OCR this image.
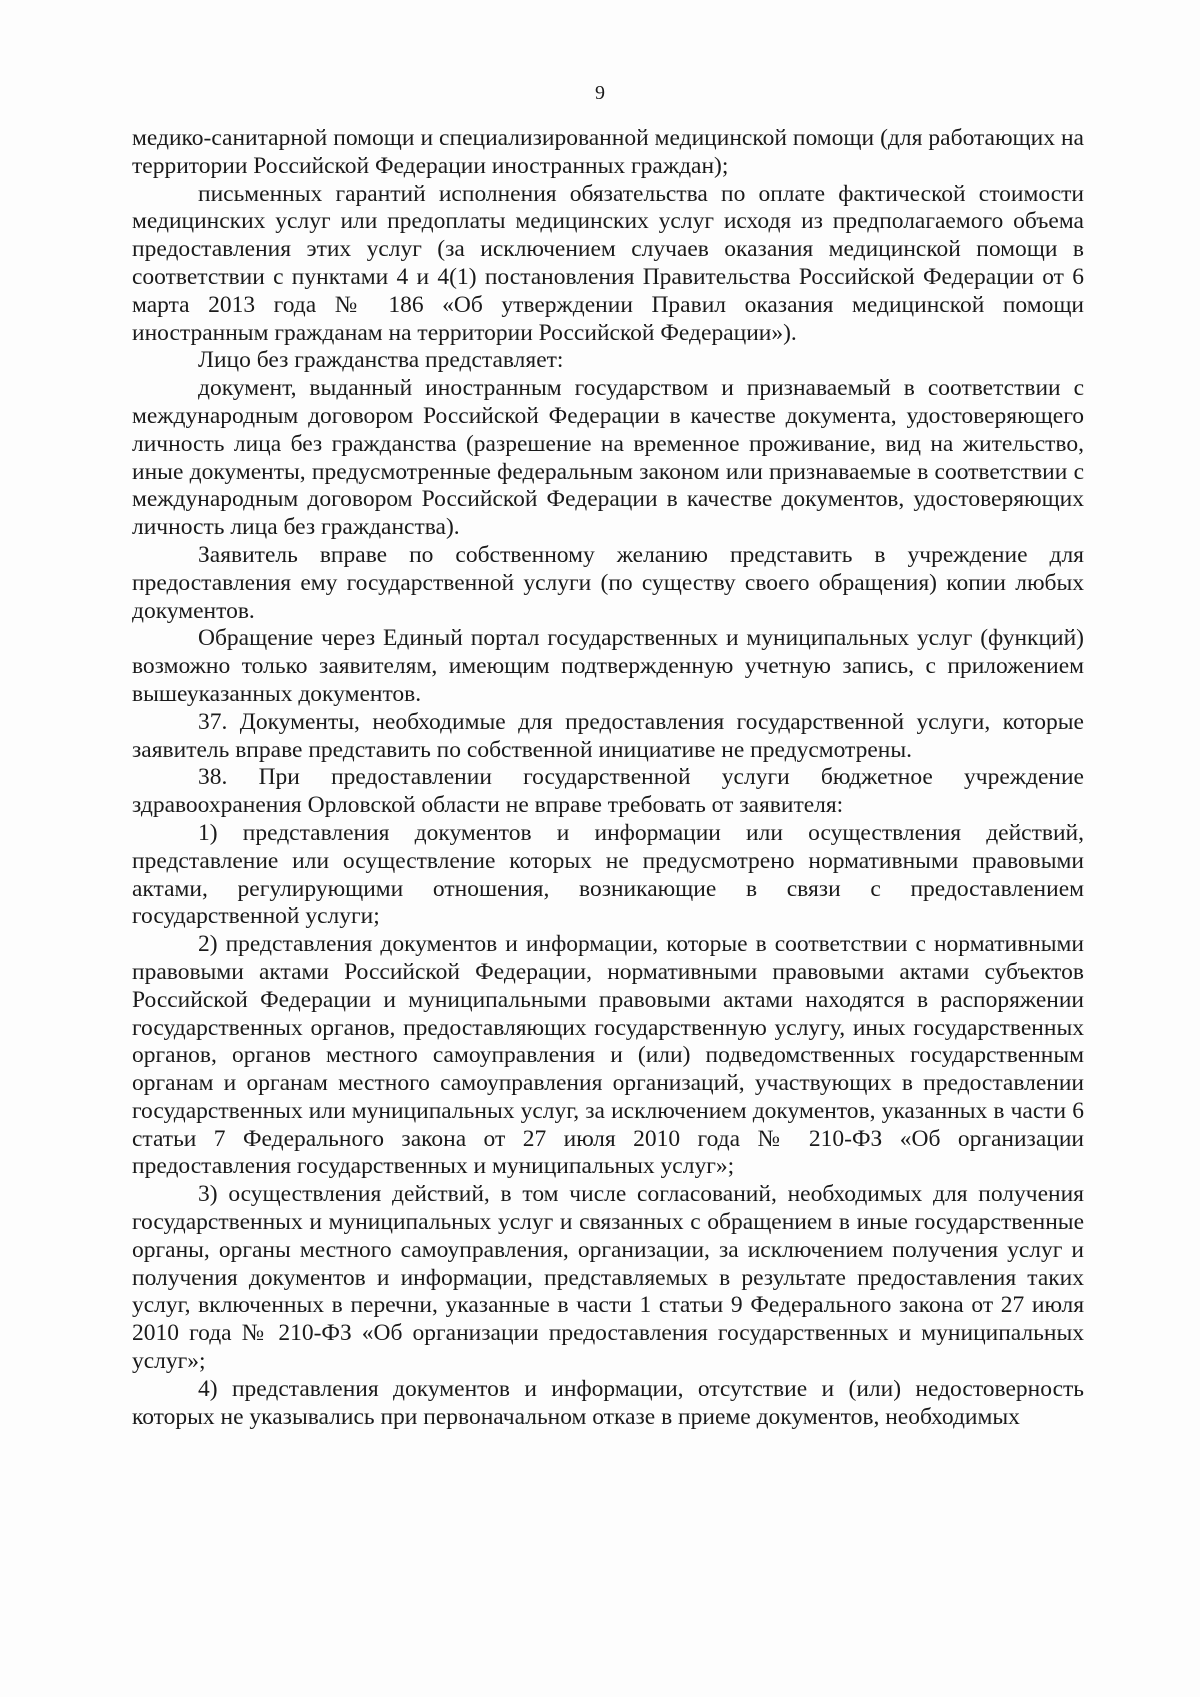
9

медико-санитарной помощи и специализированной медицинской помощи (для работающих на территории Российской Федерации иностранных граждан);

письменных гарантий исполнения обязательства по оплате фактической стоимости медицинских услуг или предоплаты медицинских услуг исходя из предполагаемого объема предоставления этих услуг (за исключением случаев оказания медицинской помощи в соответствии с пунктами 4 и 4(1) постановления Правительства Российской Федерации от 6 марта 2013 года № 186 «Об утверждении Правил оказания медицинской помощи иностранным гражданам на территории Российской Федерации»).

Лицо без гражданства представляет:

документ, выданный иностранным государством и признаваемый в соответствии с международным договором Российской Федерации в качестве документа, удостоверяющего личность лица без гражданства (разрешение на временное проживание, вид на жительство, иные документы, предусмотренные федеральным законом или признаваемые в соответствии с международным договором Российской Федерации в качестве документов, удостоверяющих личность лица без гражданства).

Заявитель вправе по собственному желанию представить в учреждение для предоставления ему государственной услуги (по существу своего обращения) копии любых документов.

Обращение через Единый портал государственных и муниципальных услуг (функций) возможно только заявителям, имеющим подтвержденную учетную запись, с приложением вышеуказанных документов.

37. Документы, необходимые для предоставления государственной услуги, которые заявитель вправе представить по собственной инициативе не предусмотрены.

38. При предоставлении государственной услуги бюджетное учреждение здравоохранения Орловской области не вправе требовать от заявителя:

1) представления документов и информации или осуществления действий, представление или осуществление которых не предусмотрено нормативными правовыми актами, регулирующими отношения, возникающие в связи с предоставлением государственной услуги;

2) представления документов и информации, которые в соответствии с нормативными правовыми актами Российской Федерации, нормативными правовыми актами субъектов Российской Федерации и муниципальными правовыми актами находятся в распоряжении государственных органов, предоставляющих государственную услугу, иных государственных органов, органов местного самоуправления и (или) подведомственных государственным органам и органам местного самоуправления организаций, участвующих в предоставлении государственных или муниципальных услуг, за исключением документов, указанных в части 6 статьи 7 Федерального закона от 27 июля 2010 года № 210-ФЗ «Об организации предоставления государственных и муниципальных услуг»;

3) осуществления действий, в том числе согласований, необходимых для получения государственных и муниципальных услуг и связанных с обращением в иные государственные органы, органы местного самоуправления, организации, за исключением получения услуг и получения документов и информации, представляемых в результате предоставления таких услуг, включенных в перечни, указанные в части 1 статьи 9 Федерального закона от 27 июля 2010 года № 210-ФЗ «Об организации предоставления государственных и муниципальных услуг»;

4) представления документов и информации, отсутствие и (или) недостоверность которых не указывались при первоначальном отказе в приеме документов, необходимых
